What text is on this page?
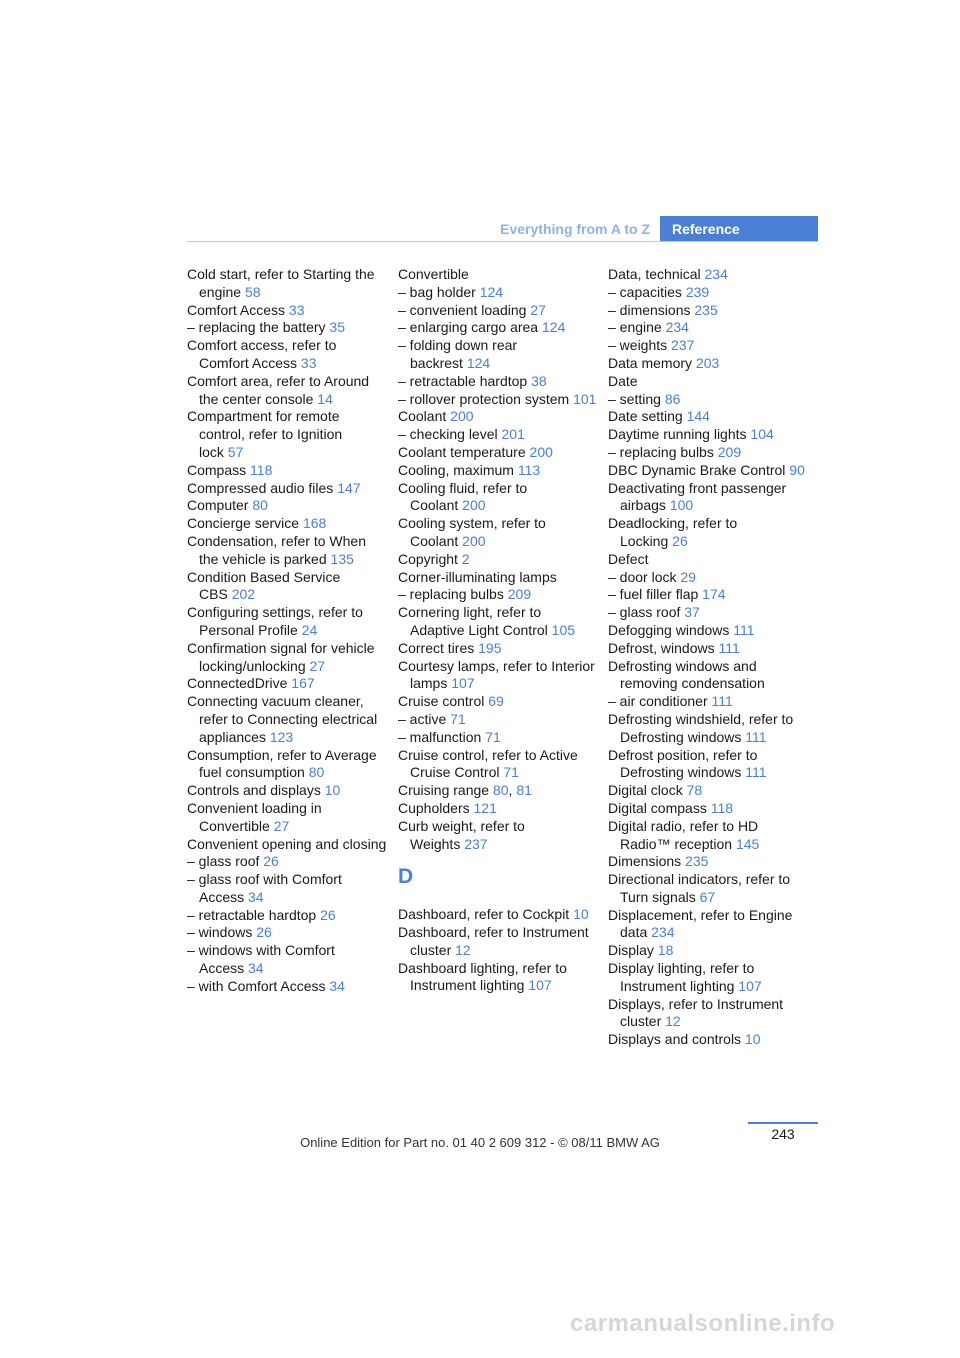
Everything from A to Z	Reference
Cold start, refer to Starting the engine 58
Comfort Access 33
– replacing the battery 35
Comfort access, refer to Comfort Access 33
Comfort area, refer to Around the center console 14
Compartment for remote control, refer to Ignition lock 57
Compass 118
Compressed audio files 147
Computer 80
Concierge service 168
Condensation, refer to When the vehicle is parked 135
Condition Based Service CBS 202
Configuring settings, refer to Personal Profile 24
Confirmation signal for vehicle locking/unlocking 27
ConnectedDrive 167
Connecting vacuum cleaner, refer to Connecting electrical appliances 123
Consumption, refer to Average fuel consumption 80
Controls and displays 10
Convenient loading in Convertible 27
Convenient opening and closing
– glass roof 26
– glass roof with Comfort Access 34
– retractable hardtop 26
– windows 26
– windows with Comfort Access 34
– with Comfort Access 34
Convertible
– bag holder 124
– convenient loading 27
– enlarging cargo area 124
– folding down rear backrest 124
– retractable hardtop 38
– rollover protection system 101
Coolant 200
– checking level 201
Coolant temperature 200
Cooling, maximum 113
Cooling fluid, refer to Coolant 200
Cooling system, refer to Coolant 200
Copyright 2
Corner-illuminating lamps
– replacing bulbs 209
Cornering light, refer to Adaptive Light Control 105
Correct tires 195
Courtesy lamps, refer to Interior lamps 107
Cruise control 69
– active 71
– malfunction 71
Cruise control, refer to Active Cruise Control 71
Cruising range 80, 81
Cupholders 121
Curb weight, refer to Weights 237
D
Dashboard, refer to Cockpit 10
Dashboard, refer to Instrument cluster 12
Dashboard lighting, refer to Instrument lighting 107
Data, technical 234
– capacities 239
– dimensions 235
– engine 234
– weights 237
Data memory 203
Date
– setting 86
Date setting 144
Daytime running lights 104
– replacing bulbs 209
DBC Dynamic Brake Control 90
Deactivating front passenger airbags 100
Deadlocking, refer to Locking 26
Defect
– door lock 29
– fuel filler flap 174
– glass roof 37
Defogging windows 111
Defrost, windows 111
Defrosting windows and removing condensation
– air conditioner 111
Defrosting windshield, refer to Defrosting windows 111
Defrost position, refer to Defrosting windows 111
Digital clock 78
Digital compass 118
Digital radio, refer to HD Radio™ reception 145
Dimensions 235
Directional indicators, refer to Turn signals 67
Displacement, refer to Engine data 234
Display 18
Display lighting, refer to Instrument lighting 107
Displays, refer to Instrument cluster 12
Displays and controls 10
243
Online Edition for Part no. 01 40 2 609 312 - © 08/11 BMW AG
carmanualsonline.info
